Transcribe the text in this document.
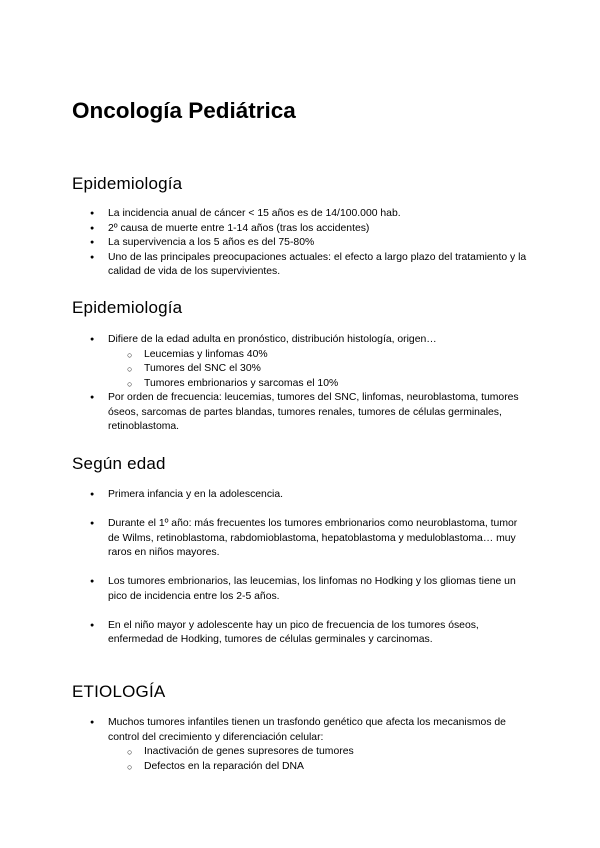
Oncología Pediátrica
Epidemiología
● La incidencia anual de cáncer < 15 años es de 14/100.000 hab.
● 2º causa de muerte entre 1-14 años (tras los accidentes)
● La supervivencia a los 5 años es del 75-80%
● Uno de las principales preocupaciones actuales: el efecto a largo plazo del tratamiento y la calidad de vida de los supervivientes.
Epidemiología
● Difiere de la edad adulta en pronóstico, distribución histología, origen…
○ Leucemias y linfomas 40%
○ Tumores del SNC el 30%
○ Tumores embrionarios y sarcomas el 10%
● Por orden de frecuencia: leucemias, tumores del SNC, linfomas, neuroblastoma, tumores óseos, sarcomas de partes blandas, tumores renales, tumores de células germinales, retinoblastoma.
Según edad
● Primera infancia y en la adolescencia.
● Durante el 1º año: más frecuentes los tumores embrionarios como neuroblastoma, tumor de Wilms, retinoblastoma, rabdomioblastoma, hepatoblastoma y meduloblastoma… muy raros en niños mayores.
● Los tumores embrionarios, las leucemias, los linfomas no Hodking y los gliomas tiene un pico de incidencia entre los 2-5 años.
● En el niño mayor y adolescente hay un pico de frecuencia de los tumores óseos, enfermedad de Hodking, tumores de células germinales y carcinomas.
ETIOLOGÍA
● Muchos tumores infantiles tienen un trasfondo genético que afecta los mecanismos de control del crecimiento y diferenciación celular:
○ Inactivación de genes supresores de tumores
○ Defectos en la reparación del DNA
